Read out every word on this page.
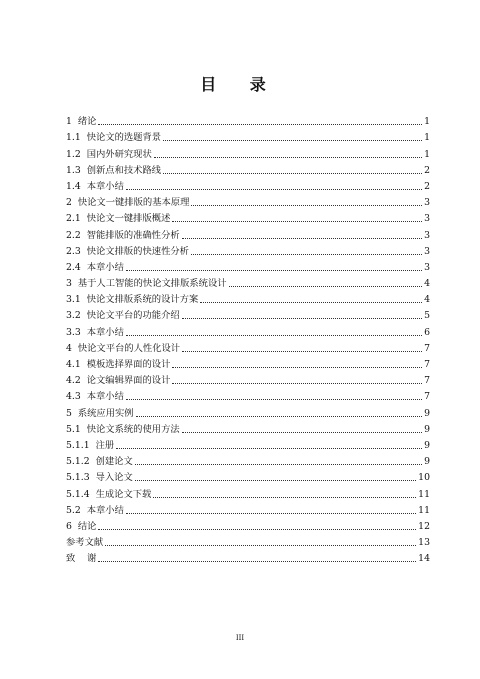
目 录
1  绪论	1
1.1  快论文的选题背景	1
1.2  国内外研究现状	1
1.3  创新点和技术路线	2
1.4  本章小结	2
2  快论文一键排版的基本原理	3
2.1  快论文一键排版概述	3
2.2  智能排版的准确性分析	3
2.3  快论文排版的快速性分析	3
2.4  本章小结	3
3  基于人工智能的快论文排版系统设计	4
3.1  快论文排版系统的设计方案	4
3.2  快论文平台的功能介绍	5
3.3  本章小结	6
4  快论文平台的人性化设计	7
4.1  模板选择界面的设计	7
4.2  论文编辑界面的设计	7
4.3  本章小结	7
5  系统应用实例	9
5.1  快论文系统的使用方法	9
5.1.1  注册	9
5.1.2  创建论文	9
5.1.3  导入论文	10
5.1.4  生成论文下载	11
5.2  本章小结	11
6  结论	12
参考文献	13
致    谢	14
III
